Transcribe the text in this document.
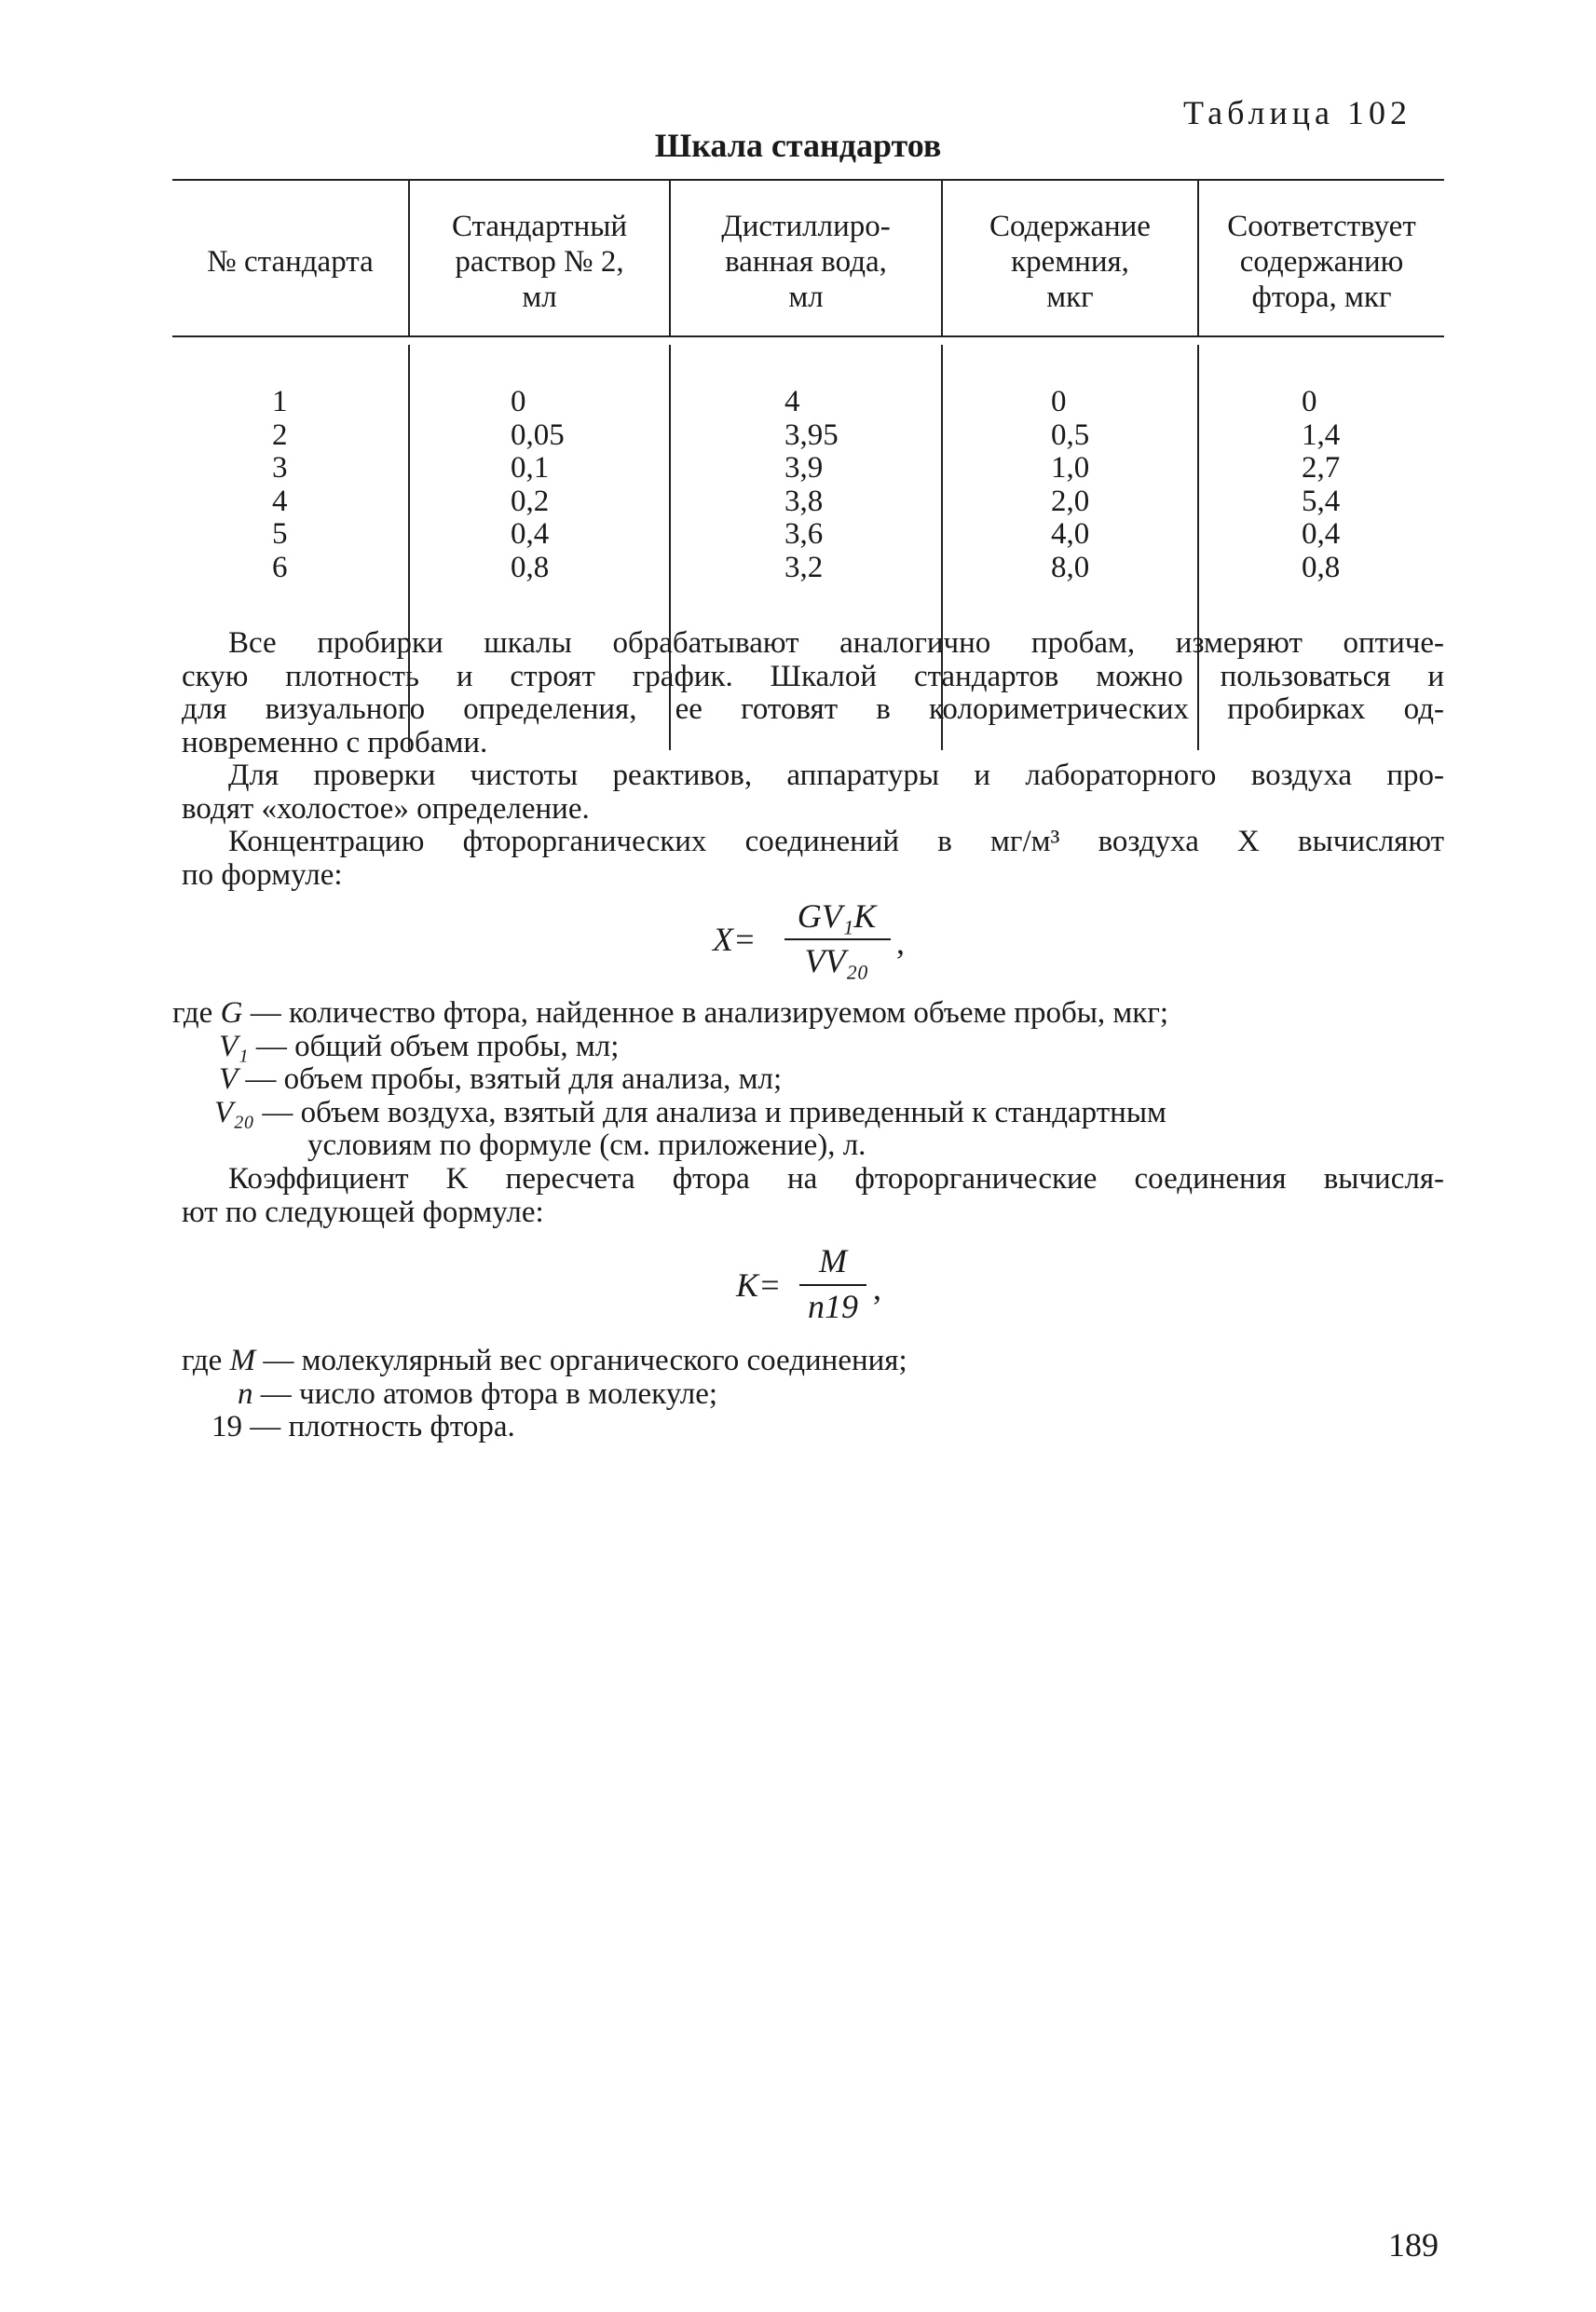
Таблица 102
Шкала стандартов
№ стандарта
Стандартный
раствор № 2,
мл
Дистиллиро-
ванная вода,
мл
Содержание
кремния,
мкг
Соответствует
содержанию
фтора, мкг
1
2
3
4
5
6
0
0,05
0,1
0,2
0,4
0,8
4
3,95
3,9
3,8
3,6
3,2
0
0,5
1,0
2,0
4,0
8,0
0
1,4
2,7
5,4
0,4
0,8
Все пробирки шкалы обрабатывают аналогично пробам, измеряют оптиче-
скую плотность и строят график. Шкалой стандартов можно пользоваться и
для визуального определения, ее готовят в колориметрических пробирках од-
новременно с пробами.
Для проверки чистоты реактивов, аппаратуры и лабораторного воздуха про-
водят «холостое» определение.
Концентрацию фторорганических соединений в мг/м³ воздуха X вычисляют
по формуле:
X=
GV₁K
VV₂₀ ,
где G — количество фтора, найденное в анализируемом объеме пробы, мкг;
V₁ — общий объем пробы, мл;
V — объем пробы, взятый для анализа, мл;
V₂₀ — объем воздуха, взятый для анализа и приведенный к стандартным
условиям по формуле (см. приложение), л.
Коэффициент K пересчета фтора на фторорганические соединения вычисля-
ют по следующей формуле:
K=
M
n19 ,
где M — молекулярный вес органического соединения;
n — число атомов фтора в молекуле;
19 — плотность фтора.
189
